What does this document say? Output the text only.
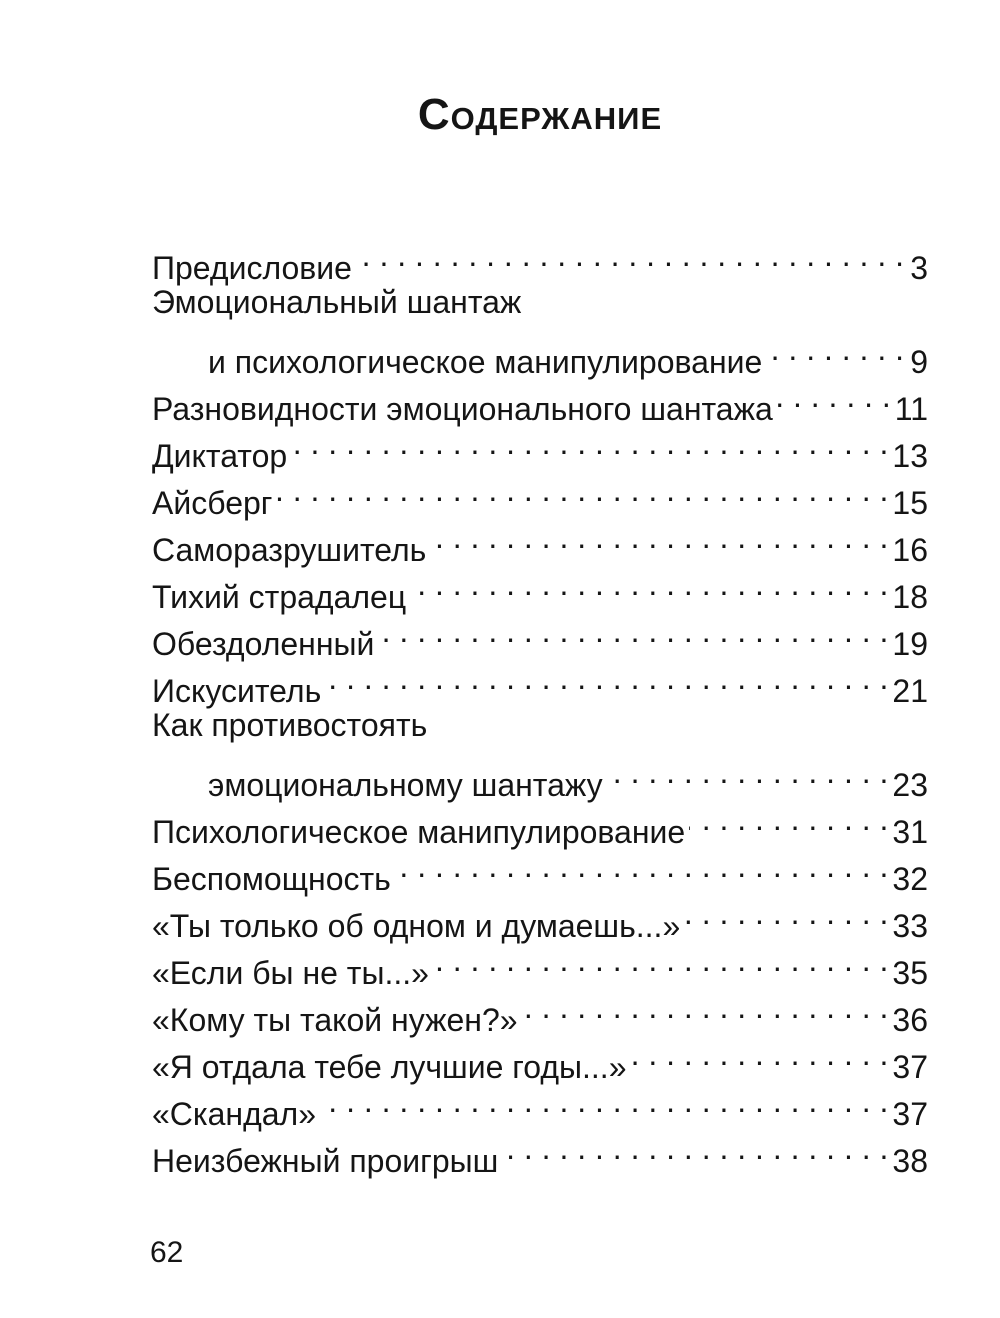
Содержание
Предисловие . . .	3
Эмоциональный шантаж
и психологическое манипулирование . . .	9
Разновидности эмоционального шантажа . . .	11
Диктатор . . .	13
Айсберг . . .	15
Саморазрушитель . . .	16
Тихий страдалец . . .	18
Обездоленный . . .	19
Искуситель . . .	21
Как противостоять
эмоциональному шантажу . . .	23
Психологическое манипулирование . . .	31
Беспомощность . . .	32
«Ты только об одном и думаешь...» . . .	33
«Если бы не ты...» . . .	35
«Кому ты такой нужен?» . . .	36
«Я отдала тебе лучшие годы...» . . .	37
«Скандал» . . .	37
Неизбежный проигрыш . . .	38
62
